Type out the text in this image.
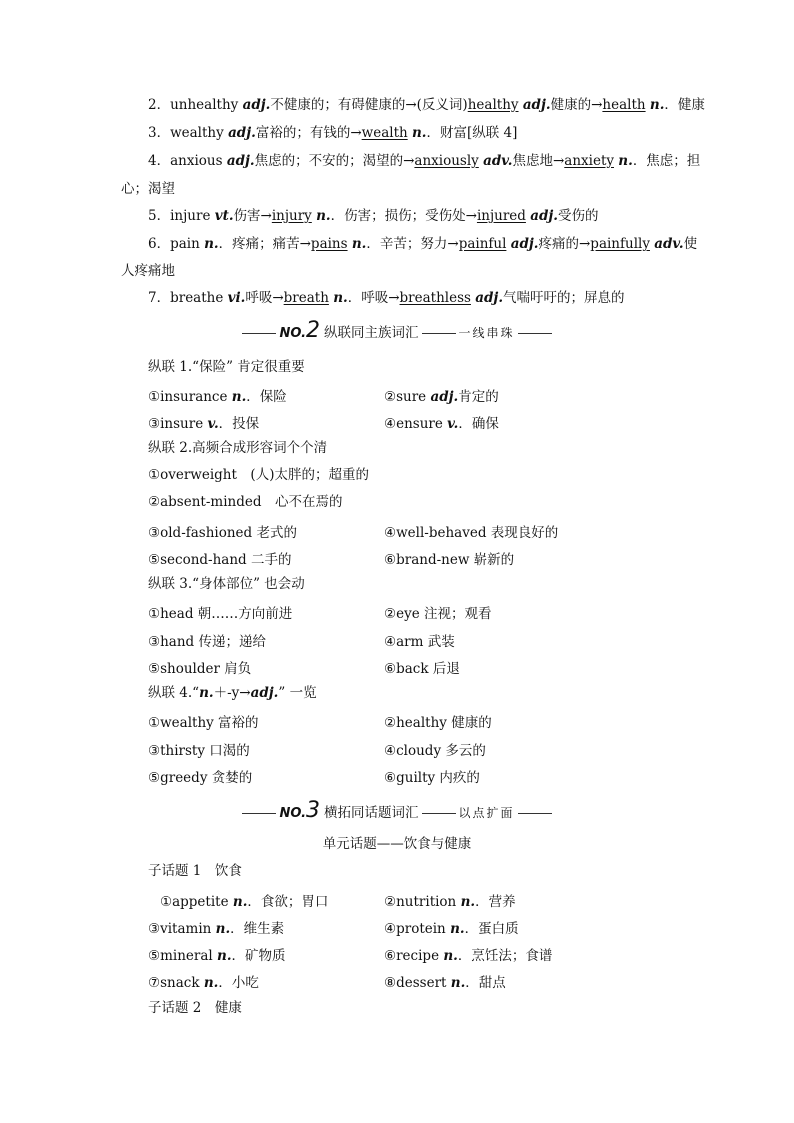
2．unhealthy adj.不健康的；有碍健康的→(反义词)healthy adj.健康的→health n.．健康
3．wealthy adj.富裕的；有钱的→wealth n.．财富[纵联 4]
4．anxious adj.焦虑的；不安的；渴望的→anxiously adv.焦虑地→anxiety n.．焦虑；担
心；渴望
5．injure vt.伤害→injury n.．伤害；损伤；受伤处→injured adj.受伤的
6．pain n.．疼痛；痛苦→pains n.．辛苦；努力→painful adj.疼痛的→painfully adv.使
人疼痛地
7．breathe vi.呼吸→breath n.．呼吸→breathless adj.气喘吁吁的；屏息的
NO.2 纵联同主族词汇	一线串珠
纵联 1.“保险” 肯定很重要
①insurance n.．保险	②sure adj.肯定的
③insure v.．投保	④ensure v.．确保
纵联 2.高频合成形容词个个清
①overweight　(人)太胖的；超重的
②absent-minded　心不在焉的
③old-fashioned 老式的	④well-behaved 表现良好的
⑤second-hand 二手的	⑥brand-new 崭新的
纵联 3.“身体部位” 也会动
①head 朝……方向前进	②eye 注视；观看
③hand 传递；递给	④arm 武装
⑤shoulder 肩负	⑥back 后退
纵联 4.“n.＋-y→adj.” 一览
①wealthy 富裕的	②healthy 健康的
③thirsty 口渴的	④cloudy 多云的
⑤greedy 贪婪的	⑥guilty 内疚的
NO.3 横拓同话题词汇	以点扩面
单元话题——饮食与健康
子话题 1　饮食
①appetite n.．食欲；胃口	②nutrition n.．营养
③vitamin n.．维生素	④protein n.．蛋白质
⑤mineral n.．矿物质	⑥recipe n.．烹饪法；食谱
⑦snack n.．小吃	⑧dessert n.．甜点
子话题 2　健康
